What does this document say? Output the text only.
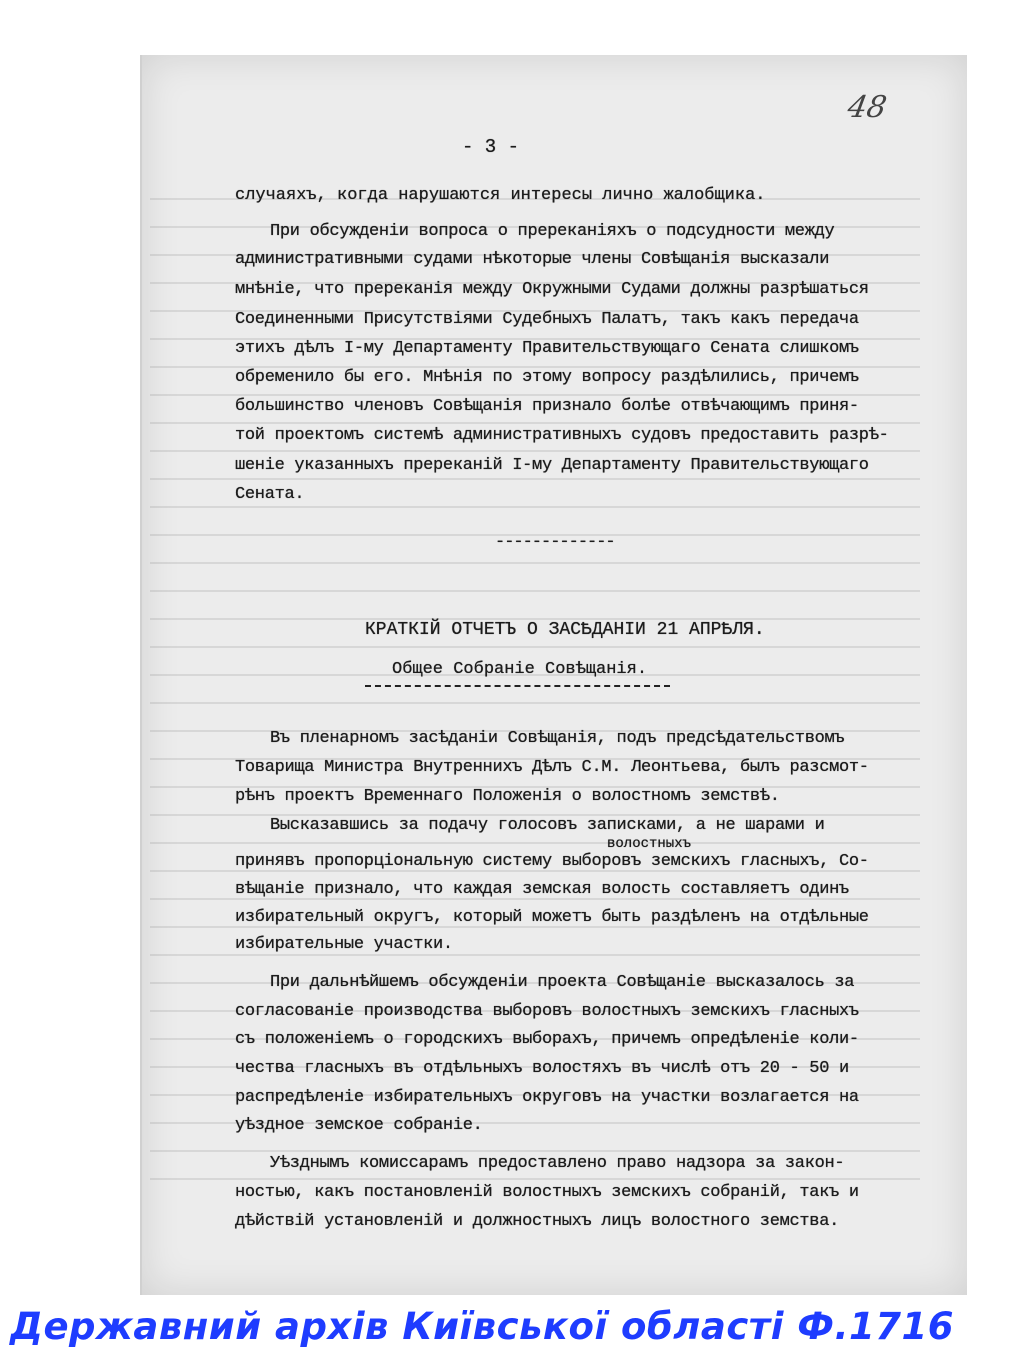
48
- 3 -
случаяхъ, когда нарушаются интересы лично жалобщика.
При обсужденiи вопроса о пререканiяхъ о подсудности между
административными судами нѣкоторые члены Совѣщанiя высказали
мнѣнiе, что пререканiя между Окружными Судами должны разрѣшаться
Соединенными Присутствiями Судебныхъ Палатъ, такъ какъ передача
этихъ дѣлъ I-му Департаменту Правительствующаго Сената слишкомъ
обременило бы его. Мнѣнiя по этому вопросу раздѣлились, причемъ
большинство членовъ Совѣщанiя признало болѣе отвѣчающимъ приня-
той проектомъ системѣ административныхъ судовъ предоставить разрѣ-
шенiе указанныхъ пререканiй I-му Департаменту Правительствующаго
Сената.
-------------
КРАТКIЙ ОТЧЕТЪ О ЗАСѢДАНIИ 21 АПРѢЛЯ.
Общее Собранiе Совѣщанiя.
Въ пленарномъ засѣданiи Совѣщанiя, подъ предсѣдательствомъ
Товарища Министра Внутреннихъ Дѣлъ С.М. Леонтьева, былъ разсмот-
рѣнъ проектъ Временнаго Положенiя о волостномъ земствѣ.
волостныхъ
Высказавшись за подачу голосовъ записками, а не шарами и
принявъ пропорцiональную систему выборовъ земскихъ гласныхъ, Со-
вѣщанiе признало, что каждая земская волость составляетъ одинъ
избирательный округъ, который можетъ быть раздѣленъ на отдѣльные
избирательные участки.
При дальнѣйшемъ обсужденiи проекта Совѣщанiе высказалось за
согласованiе производства выборовъ волостныхъ земскихъ гласныхъ
съ положенiемъ о городскихъ выборахъ, причемъ опредѣленiе коли-
чества гласныхъ въ отдѣльныхъ волостяхъ въ числѣ отъ 20 - 50 и
распредѣленiе избирательныхъ округовъ на участки возлагается на
уѣздное земское собранiе.
Уѣзднымъ комиссарамъ предоставлено право надзора за закон-
ностью, какъ постановленiй волостныхъ земскихъ собранiй, такъ и
дѣйствiй установленiй и должностныхъ лицъ волостного земства.
Державний архів Київської області Ф.1716
